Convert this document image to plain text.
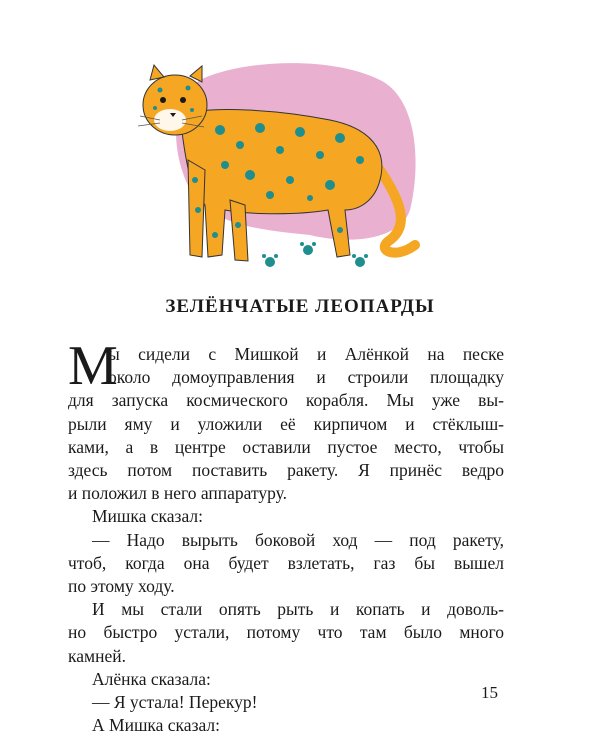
ЗЕЛЁНЧАТЫЕ ЛЕОПАРДЫ
М
ы сидели с Мишкой и Алёнкой на песке
около домоуправления и строили площадку
для запуска космического корабля. Мы уже вы-
рыли яму и уложили её кирпичом и стёклыш-
ками, а в центре оставили пустое место, чтобы
здесь потом поставить ракету. Я принёс ведро
и положил в него аппаратуру.
Мишка сказал:
— Надо вырыть боковой ход — под ракету,
чтоб, когда она будет взлетать, газ бы вышел
по этому ходу.
И мы стали опять рыть и копать и доволь-
но быстро устали, потому что там было много
камней.
Алёнка сказала:
— Я устала! Перекур!
А Мишка сказал:
15
